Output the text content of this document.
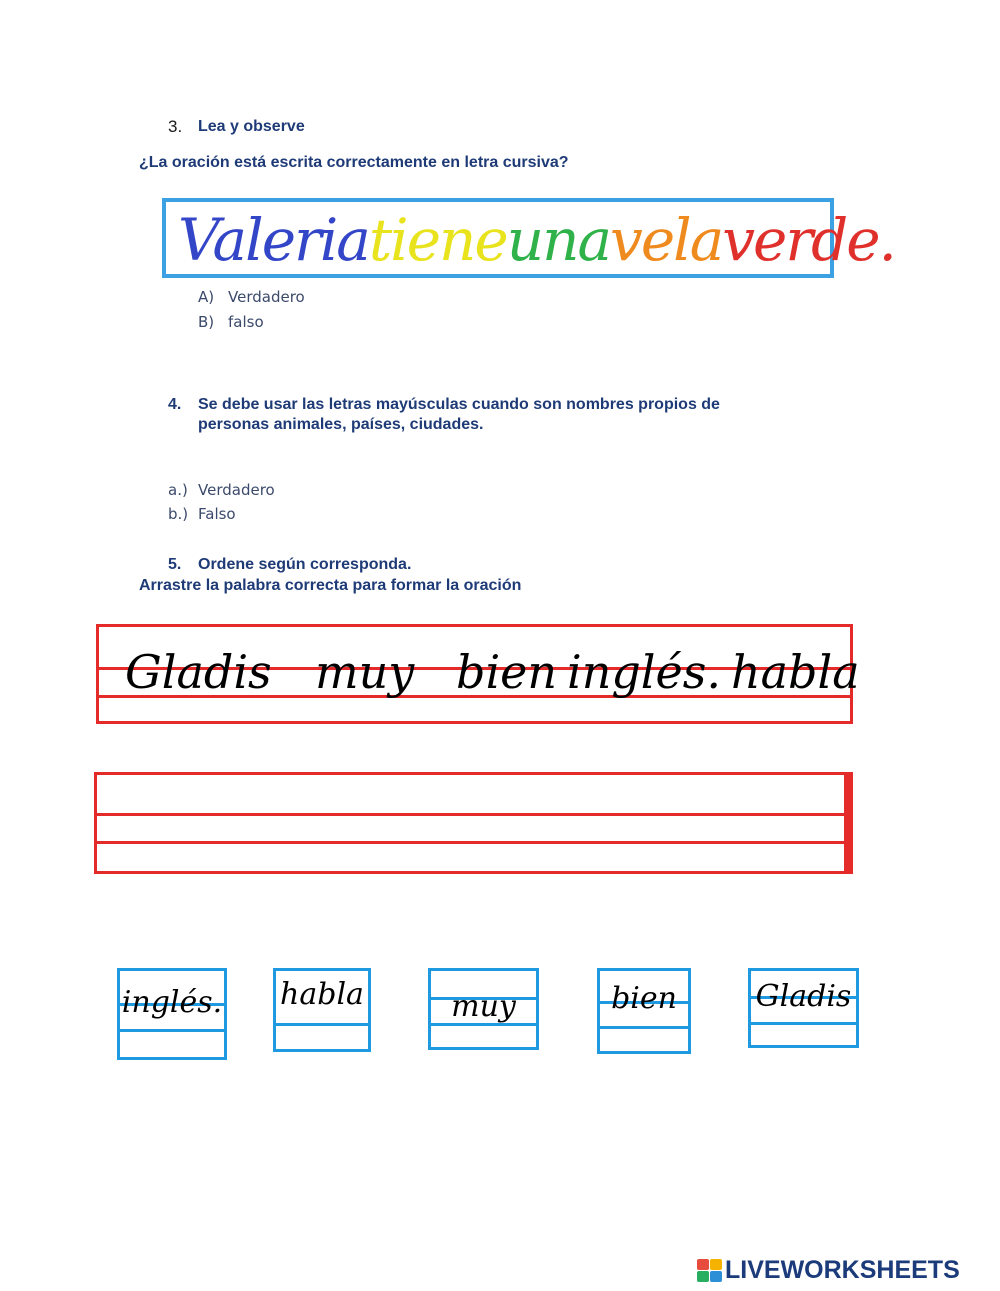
3. Lea y observe
¿La oración está escrita correctamente en letra cursiva?
Valeriatieneunavelaverde.
A) Verdadero
B) falso
4. Se debe usar las letras mayúsculas cuando son nombres propios de
personas animales, países, ciudades.
a.) Verdadero
b.) Falso
5. Ordene según corresponda.
Arrastre la palabra correcta para formar la oración
Gladis muy bien inglés. habla
inglés. habla	muy	bien	Gladis
LIVEWORKSHEETS
